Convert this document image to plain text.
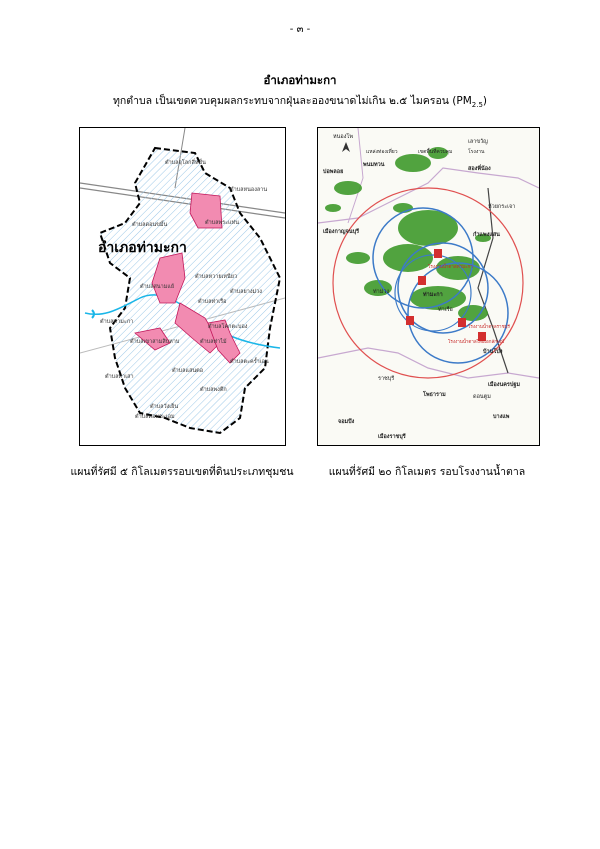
- ๓ -
อำเภอท่ามะกา
ทุกตำบล เป็นเขตควบคุมผลกระทบจากฝุ่นละอองขนาดไม่เกิน ๒.๕ ไมครอน $(PM_{2.5})$
อำเภอท่ามะกา
ตำบลอุโลกสี่หมื่น
ตำบลหนองลาน
ตำบลพระแท่น
ตำบลดอนขมิ้น
ตำบลหวายเหนียว
ตำบลยางม่วง
ตำบลสนามแย้
ตำบลท่าเรือ
ตำบลท่ามะกา
ตำบลโคกตะบอง
ตำบลท่าไม้
ตำบลเขาสามสิบหาบ
ตำบลตะคร้ำเอน
ตำบลแสนตอ
ตำบลท่าเสา
ตำบลพงตึก
ตำบลวังเย็น
ตำบลดอนชะเอม
แหล่งท่องเที่ยว	เขตพื้นที่ควบคุม	โรงงาน
หนองโพ
สองพี่น้อง
เลาขวัญ
บ่อพลอย
พนมทวน
ห้วยกระเจา
เมืองกาญจนบุรี
ท่าม่วง	ท่ามะกา
ท่าเรือ
กำแพงแสน
บ้านโป่ง
โพธาราม
ราชบุรี
จอมบึง
เมืองราชบุรี
บางแพ
ดอนตูม
เมืองนครปฐม
โรงงานน้ำตาลท่ามะกา
โรงงานน้ำตาลราชบุรี
โรงงานน้ำตาลไทยเอกลักษณ์
แผนที่รัศมี ๕ กิโลเมตรรอบเขตที่ดินประเภทชุมชน	แผนที่รัศมี ๒๐ กิโลเมตร รอบโรงงานน้ำตาล
